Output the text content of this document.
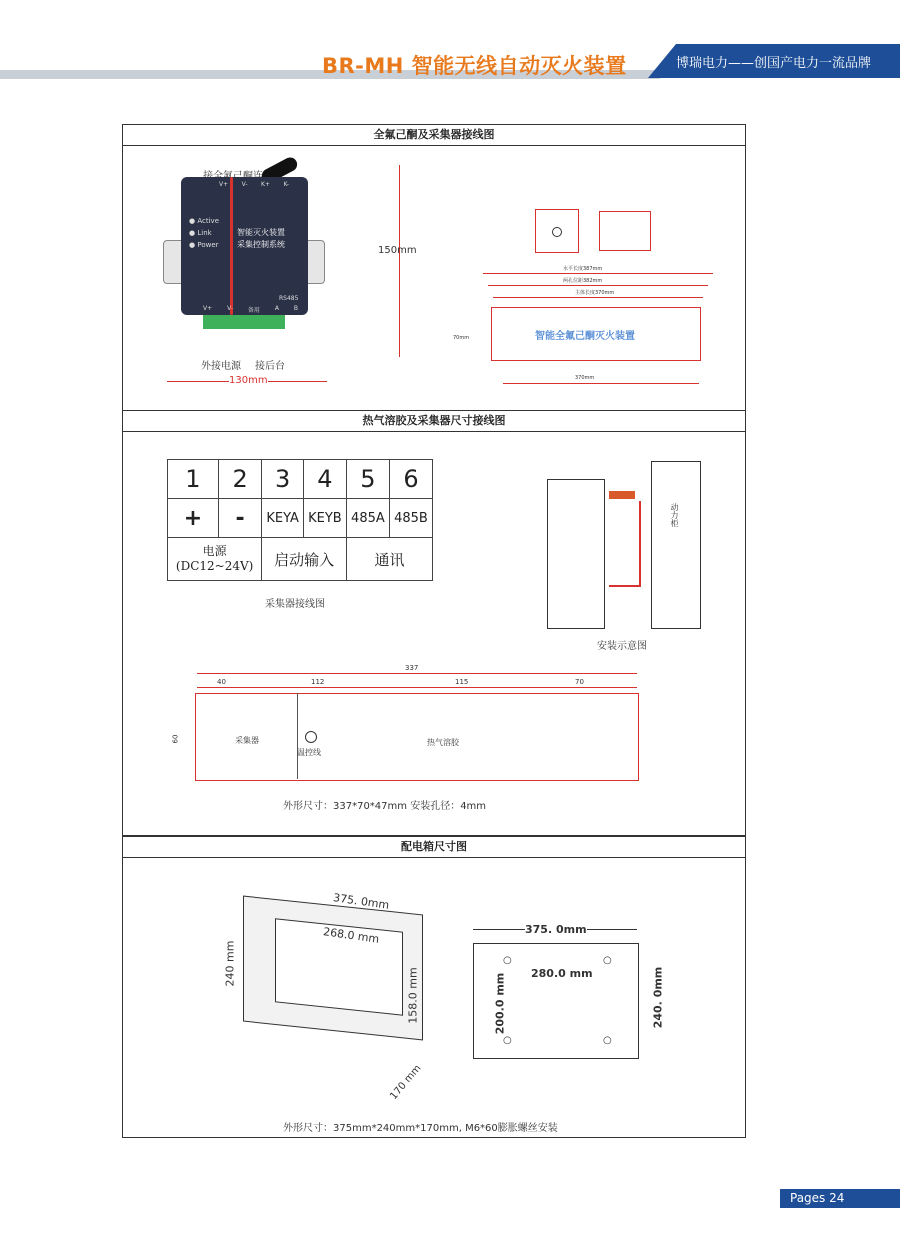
BR-MH 智能无线自动灭火装置	博瑞电力——创国产电力一流品牌
全氟己酮及采集器接线图
V+ V- K+ K-
● Active
● Link
● Power
智能灭火装置
采集控制系统
RS485
V+ V- 备用 A B
外接电源 接后台
150mm
130mm
水平长度387mm
两孔位距382mm
主体长度370mm
智能全氟己酮灭火装置
70mm
370mm
热气溶胶及采集器尺寸接线图
1	2	3	4	5	6
+	-	KEYA	KEYB	485A	485B
电源
(DC12~24V)		启动输入		通讯	
采集器接线图
动力柜
安装示意图
337
40	112	115	70
60	采集器
温控线
热气溶胶
外形尺寸：337*70*47mm 安装孔径：4mm
配电箱尺寸图
375. 0mm
268.0 mm
240 mm
158.0 mm
170 mm
375. 0mm
280.0 mm
200.0 mm	240. 0mm
○	○
○	○
外形尺寸：375mm*240mm*170mm, M6*60膨胀螺丝安装
Pages 24
